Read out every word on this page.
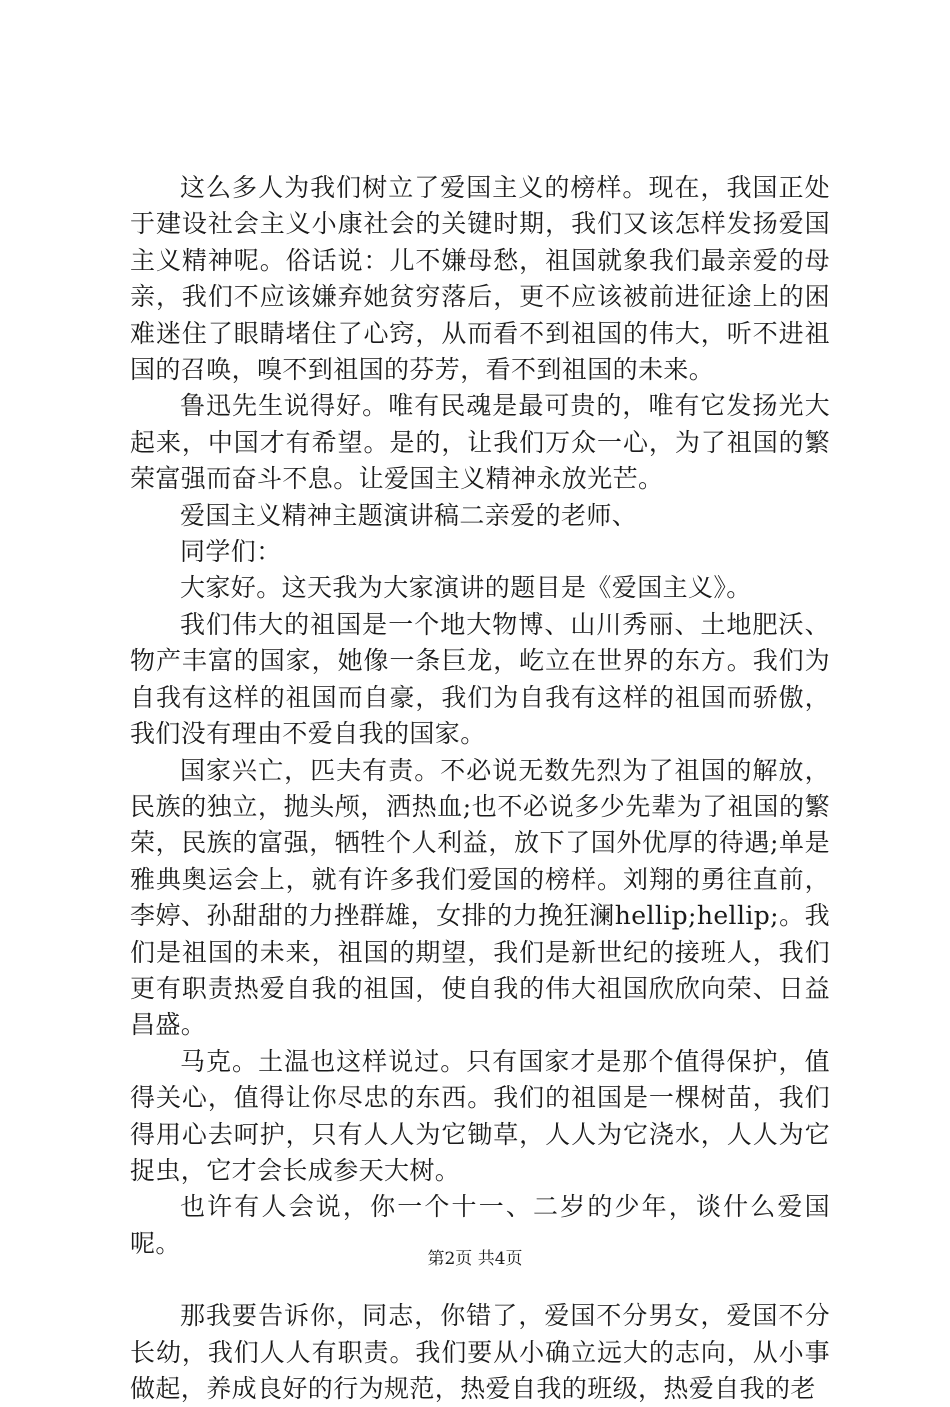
这么多人为我们树立了爱国主义的榜样。现在，我国正处于建设社会主义小康社会的关键时期，我们又该怎样发扬爱国主义精神呢。俗话说：儿不嫌母愁，祖国就象我们最亲爱的母亲，我们不应该嫌弃她贫穷落后，更不应该被前进征途上的困难迷住了眼睛堵住了心窍，从而看不到祖国的伟大，听不进祖国的召唤，嗅不到祖国的芬芳，看不到祖国的未来。

鲁迅先生说得好。唯有民魂是最可贵的，唯有它发扬光大起来，中国才有希望。是的，让我们万众一心，为了祖国的繁荣富强而奋斗不息。让爱国主义精神永放光芒。

爱国主义精神主题演讲稿二亲爱的老师、

同学们：

大家好。这天我为大家演讲的题目是《爱国主义》。

我们伟大的祖国是一个地大物博、山川秀丽、土地肥沃、物产丰富的国家，她像一条巨龙，屹立在世界的东方。我们为自我有这样的祖国而自豪，我们为自我有这样的祖国而骄傲，我们没有理由不爱自我的国家。

国家兴亡，匹夫有责。不必说无数先烈为了祖国的解放，民族的独立，抛头颅，洒热血;也不必说多少先辈为了祖国的繁荣，民族的富强，牺牲个人利益，放下了国外优厚的待遇;单是雅典奥运会上，就有许多我们爱国的榜样。刘翔的勇往直前，李婷、孙甜甜的力挫群雄，女排的力挽狂澜hellip;hellip;。我们是祖国的未来，祖国的期望，我们是新世纪的接班人，我们更有职责热爱自我的祖国，使自我的伟大祖国欣欣向荣、日益昌盛。

马克。土温也这样说过。只有国家才是那个值得保护，值得关心，值得让你尽忠的东西。我们的祖国是一棵树苗，我们得用心去呵护，只有人人为它锄草，人人为它浇水，人人为它捉虫，它才会长成参天大树。

也许有人会说，你一个十一、二岁的少年，谈什么爱国呢。

那我要告诉你，同志，你错了，爱国不分男女，爱国不分长幼，我们人人有职责。我们要从小确立远大的志向，从小事做起，养成良好的行为规范，热爱自我的班级，热爱自我的老

第2页 共4页
